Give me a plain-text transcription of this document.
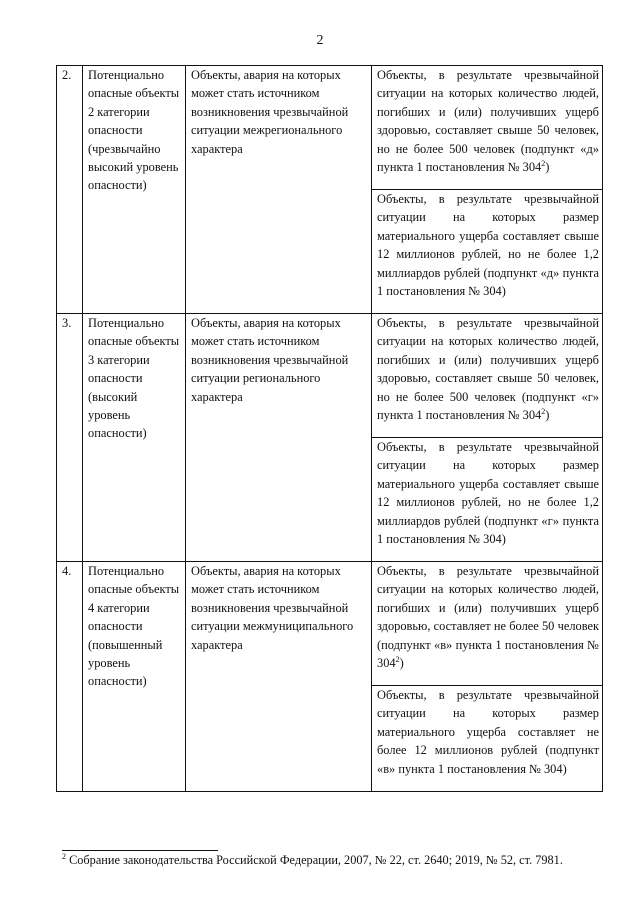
2
2.	Потенциально опасные объекты 2 категории опасности (чрезвычайно высокий уровень опасности)	Объекты, авария на которых может стать источником возникновения чрезвычайной ситуации межрегионального характера	Объекты, в результате чрезвычайной ситуации на которых количество людей, погибших и (или) получивших ущерб здоровью, составляет свыше 50 человек, но не более 500 человек (подпункт «д» пункта 1 постановления № $304^2$)
			Объекты, в результате чрезвычайной ситуации на которых размер материального ущерба составляет свыше 12 миллионов рублей, но не более 1,2 миллиардов рублей (подпункт «д» пункта 1 постановления № 304)
3.	Потенциально опасные объекты 3 категории опасности (высокий уровень опасности)	Объекты, авария на которых может стать источником возникновения чрезвычайной ситуации регионального характера	Объекты, в результате чрезвычайной ситуации на которых количество людей, погибших и (или) получивших ущерб здоровью, составляет свыше 50 человек, но не более 500 человек (подпункт «г» пункта 1 постановления № $304^2$)
			Объекты, в результате чрезвычайной ситуации на которых размер материального ущерба составляет свыше 12 миллионов рублей, но не более 1,2 миллиардов рублей (подпункт «г» пункта 1 постановления № 304)
4.	Потенциально опасные объекты 4 категории опасности (повышенный уровень опасности)	Объекты, авария на которых может стать источником возникновения чрезвычайной ситуации межмуниципального характера	Объекты, в результате чрезвычайной ситуации на которых количество людей, погибших и (или) получивших ущерб здоровью, составляет не более 50 человек (подпункт «в» пункта 1 постановления № $304^2$)
			Объекты, в результате чрезвычайной ситуации на которых размер материального ущерба составляет не более 12 миллионов рублей (подпункт «в» пункта 1 постановления № 304)
$^2$ Собрание законодательства Российской Федерации, 2007, № 22, ст. 2640; 2019, № 52, ст. 7981.
